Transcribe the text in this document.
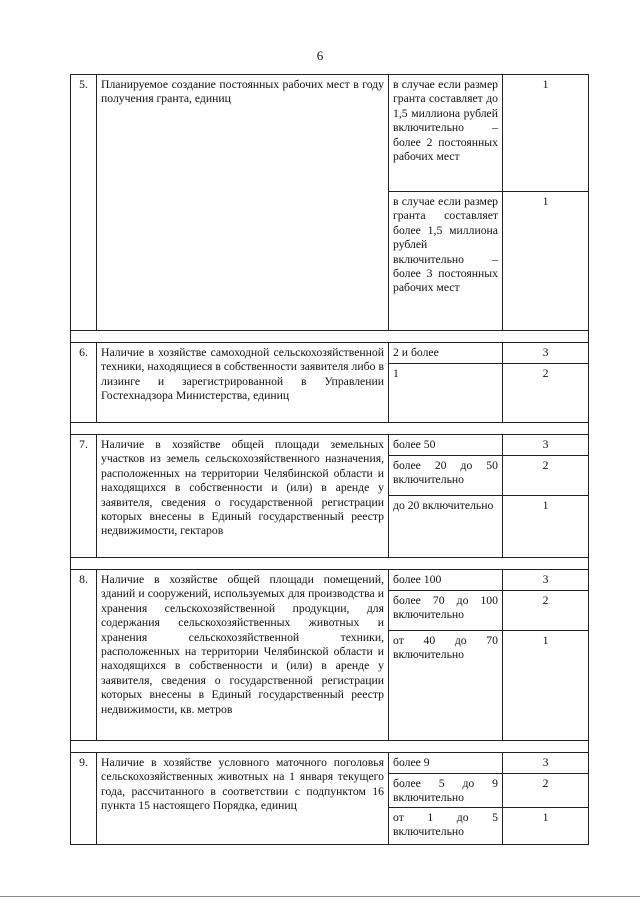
6
5.	Планируемое создание постоянных рабочих мест в году получения гранта, единиц	в случае если размер гранта составляет до 1,5 миллиона рублей включительно – более 2 постоянных рабочих мест	1
		в случае если размер гранта составляет более 1,5 миллиона рублей включительно – более 3 постоянных рабочих мест	1

6.	Наличие в хозяйстве самоходной сельскохозяйственной техники, находящиеся в собственности заявителя либо в лизинге и зарегистрированной в Управлении Гостехнадзора Министерства, единиц	2 и более	3
		1	2

7.	Наличие в хозяйстве общей площади земельных участков из земель сельскохозяйственного назначения, расположенных на территории Челябинской области и находящихся в собственности и (или) в аренде у заявителя, сведения о государственной регистрации которых внесены в Единый государственный реестр недвижимости, гектаров	более 50	3
		более 20 до 50 включительно	2
		до 20 включительно	1

8.	Наличие в хозяйстве общей площади помещений, зданий и сооружений, используемых для производства и хранения сельскохозяйственной продукции, для содержания сельскохозяйственных животных и хранения сельскохозяйственной техники, расположенных на территории Челябинской области и находящихся в собственности и (или) в аренде у заявителя, сведения о государственной регистрации которых внесены в Единый государственный реестр недвижимости, кв. метров	более 100	3
		более 70 до 100 включительно	2
		от 40 до 70 включительно	1

9.	Наличие в хозяйстве условного маточного поголовья сельскохозяйственных животных на 1 января текущего года, рассчитанного в соответствии с подпунктом 16 пункта 15 настоящего Порядка, единиц	более 9	3
		более 5 до 9 включительно	2
		от 1 до 5 включительно	1
